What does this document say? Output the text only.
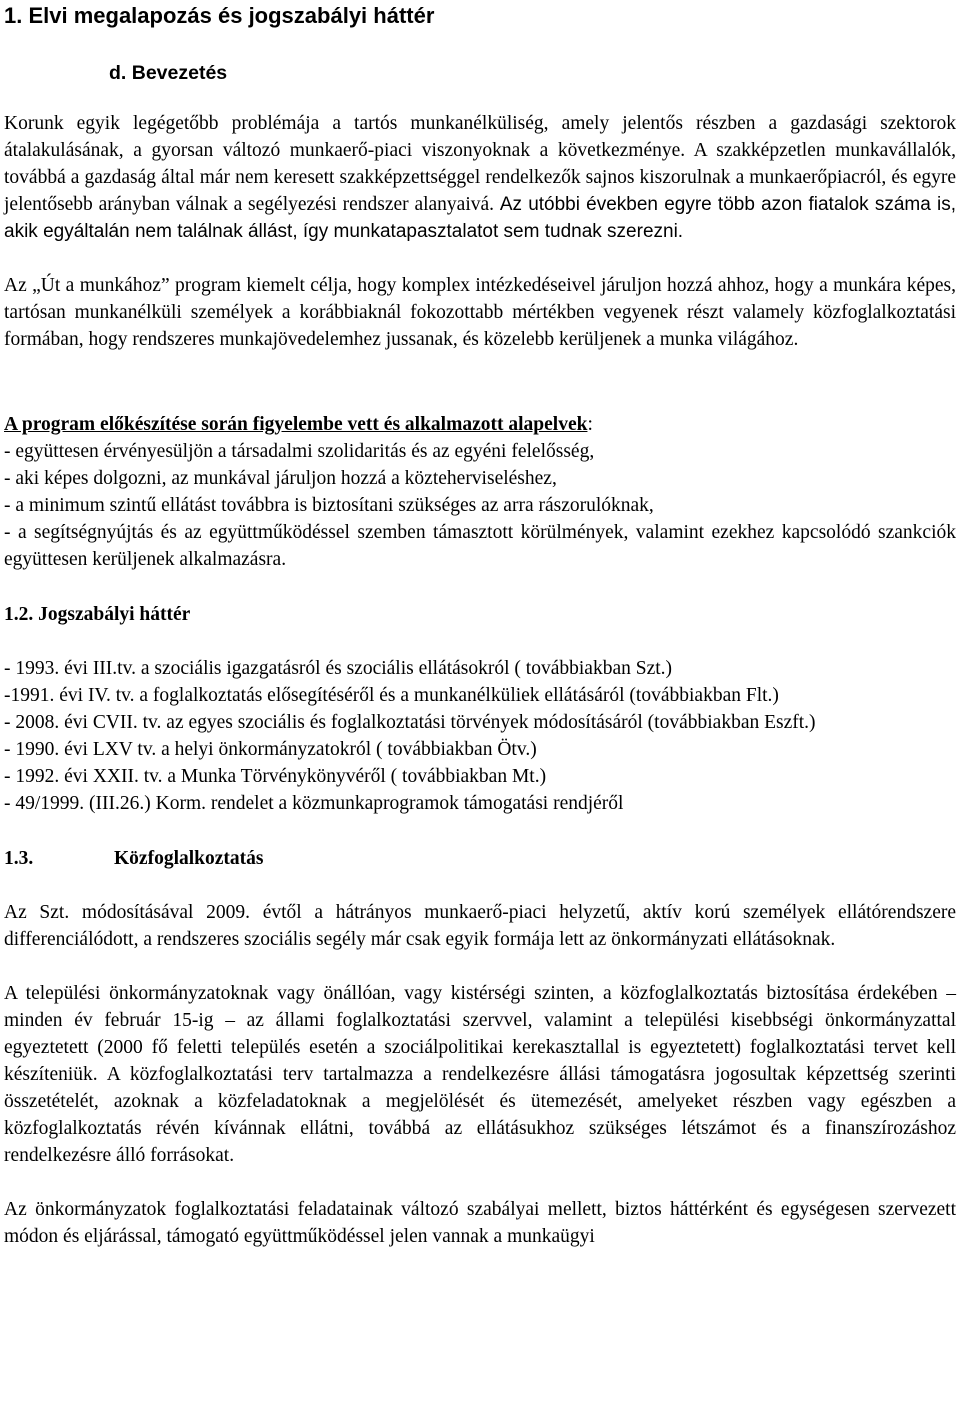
1. Elvi megalapozás és jogszabályi háttér
d. Bevezetés

Korunk egyik legégetőbb problémája a tartós munkanélküliség, amely jelentős részben a gazdasági szektorok átalakulásának, a gyorsan változó munkaerő-piaci viszonyoknak a következménye. A szakképzetlen munkavállalók, továbbá a gazdaság által már nem keresett szakképzettséggel rendelkezők sajnos kiszorulnak a munkaerőpiacról, és egyre jelentősebb arányban válnak a segélyezési rendszer alanyaivá. Az utóbbi években egyre több azon fiatalok száma is, akik egyáltalán nem találnak állást, így munkatapasztalatot sem tudnak szerezni.

Az „Út a munkához” program kiemelt célja, hogy komplex intézkedéseivel járuljon hozzá ahhoz, hogy a munkára képes, tartósan munkanélküli személyek a korábbiaknál fokozottabb mértékben vegyenek részt valamely közfoglalkoztatási formában, hogy rendszeres munkajövedelemhez jussanak, és közelebb kerüljenek a munka világához.

A program előkészítése során figyelembe vett és alkalmazott alapelvek:

- együttesen érvényesüljön a társadalmi szolidaritás és az egyéni felelősség,

- aki képes dolgozni, az munkával járuljon hozzá a közteherviseléshez,

- a minimum szintű ellátást továbbra is biztosítani szükséges az arra rászorulóknak,

- a segítségnyújtás és az együttműködéssel szemben támasztott körülmények, valamint ezekhez kapcsolódó szankciók együttesen kerüljenek alkalmazásra.

1.2. Jogszabályi háttér

- 1993. évi III.tv. a szociális igazgatásról és szociális ellátásokról ( továbbiakban Szt.)

-1991. évi IV. tv. a foglalkoztatás elősegítéséről és a munkanélküliek ellátásáról (továbbiakban Flt.)

- 2008. évi CVII. tv. az egyes szociális és foglalkoztatási törvények módosításáról (továbbiakban Eszft.)

- 1990. évi LXV tv. a helyi önkormányzatokról ( továbbiakban Ötv.)

- 1992. évi XXII. tv. a Munka Törvénykönyvéről ( továbbiakban Mt.)

- 49/1999. (III.26.) Korm. rendelet a közmunkaprogramok támogatási rendjéről

1.3.	Közfoglalkoztatás

Az Szt. módosításával 2009. évtől a hátrányos munkaerő-piaci helyzetű, aktív korú személyek ellátórendszere differenciálódott, a rendszeres szociális segély már csak egyik formája lett az önkormányzati ellátásoknak.

A települési önkormányzatoknak vagy önállóan, vagy kistérségi szinten, a közfoglalkoztatás biztosítása érdekében – minden év február 15-ig – az állami foglalkoztatási szervvel, valamint a települési kisebbségi önkormányzattal egyeztetett (2000 fő feletti település esetén a szociálpolitikai kerekasztallal is egyeztetett) foglalkoztatási tervet kell készíteniük. A közfoglalkoztatási terv tartalmazza a rendelkezésre állási támogatásra jogosultak képzettség szerinti összetételét, azoknak a közfeladatoknak a megjelölését és ütemezését, amelyeket részben vagy egészben a közfoglalkoztatás révén kívánnak ellátni, továbbá az ellátásukhoz szükséges létszámot és a finanszírozáshoz rendelkezésre álló forrásokat.

Az önkormányzatok foglalkoztatási feladatainak változó szabályai mellett, biztos háttérként és egységesen szervezett módon és eljárással, támogató együttműködéssel jelen vannak a munkaügyi
